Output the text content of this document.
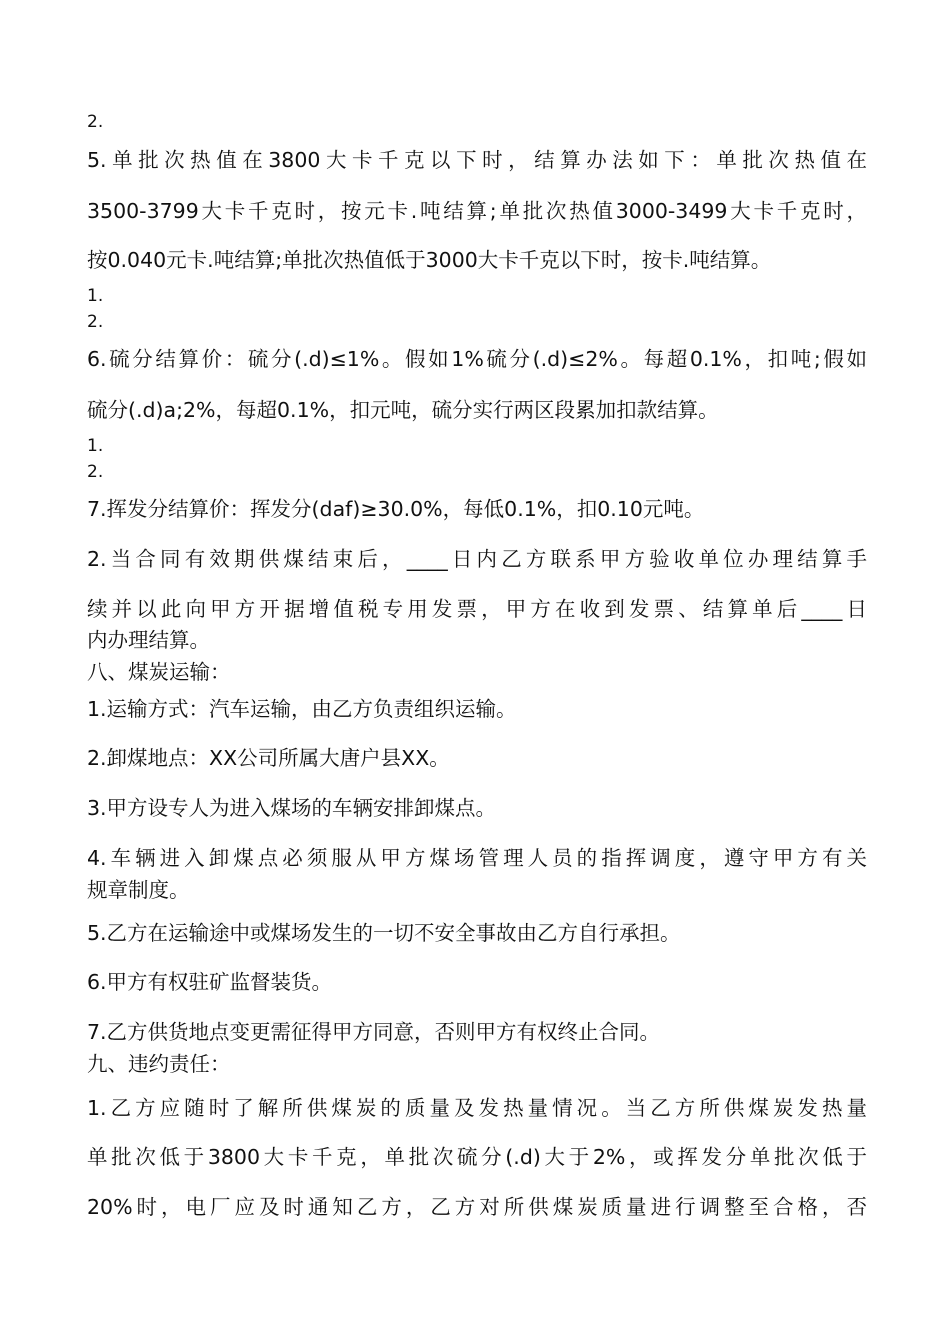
2.
5.单批次热值在3800大卡千克以下时，结算办法如下：单批次热值在
3500-3799大卡千克时，按元卡.吨结算;单批次热值3000-3499大卡千克时，
按0.040元卡.吨结算;单批次热值低于3000大卡千克以下时，按卡.吨结算。
1.
2.
6.硫分结算价：硫分(.d)≤1%。假如1%硫分(.d)≤2%。每超0.1%，扣吨;假如
硫分(.d)a;2%，每超0.1%，扣元吨，硫分实行两区段累加扣款结算。
1.
2.
7.挥发分结算价：挥发分(daf)≥30.0%，每低0.1%，扣0.10元吨。
2.当合同有效期供煤结束后，____日内乙方联系甲方验收单位办理结算手
续并以此向甲方开据增值税专用发票，甲方在收到发票、结算单后____日
内办理结算。
八、煤炭运输：
1.运输方式：汽车运输，由乙方负责组织运输。
2.卸煤地点：XX公司所属大唐户县XX。
3.甲方设专人为进入煤场的车辆安排卸煤点。
4.车辆进入卸煤点必须服从甲方煤场管理人员的指挥调度，遵守甲方有关
规章制度。
5.乙方在运输途中或煤场发生的一切不安全事故由乙方自行承担。
6.甲方有权驻矿监督装货。
7.乙方供货地点变更需征得甲方同意，否则甲方有权终止合同。
九、违约责任：
1.乙方应随时了解所供煤炭的质量及发热量情况。当乙方所供煤炭发热量
单批次低于3800大卡千克，单批次硫分(.d)大于2%，或挥发分单批次低于
20%时，电厂应及时通知乙方，乙方对所供煤炭质量进行调整至合格，否
